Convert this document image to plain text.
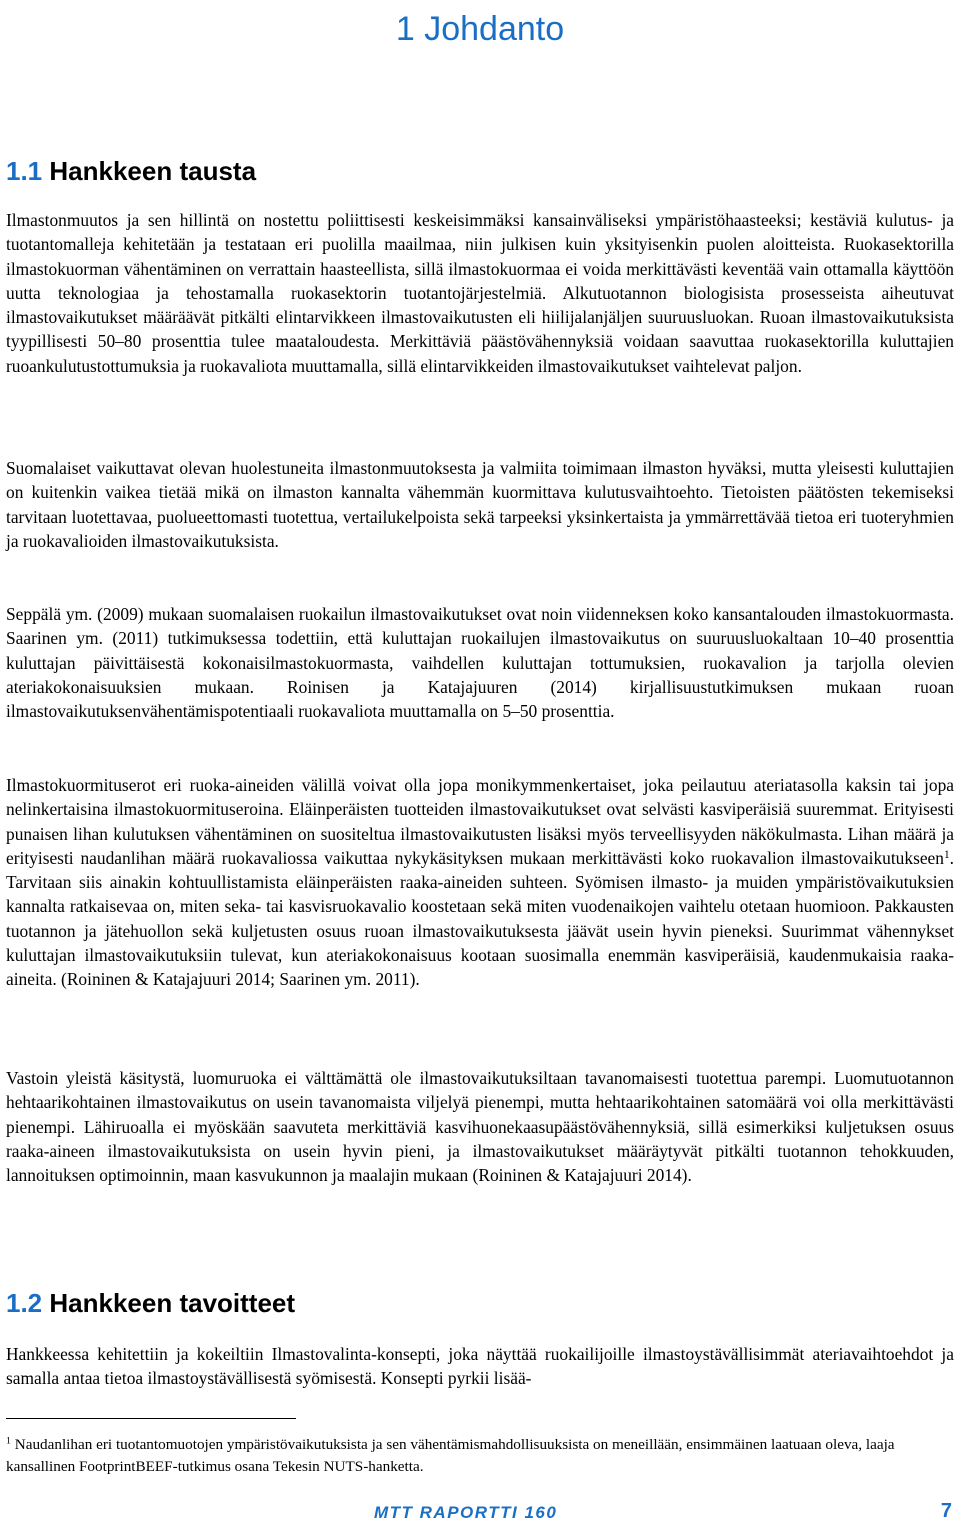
1 Johdanto
1.1 Hankkeen tausta

Ilmastonmuutos ja sen hillintä on nostettu poliittisesti keskeisimmäksi kansainväliseksi ympäristöhaasteeksi; kestäviä kulutus- ja tuotantomalleja kehitetään ja testataan eri puolilla maailmaa, niin julkisen kuin yksityisenkin puolen aloitteista. Ruokasektorilla ilmastokuorman vähentäminen on verrattain haasteellista, sillä ilmastokuormaa ei voida merkittävästi keventää vain ottamalla käyttöön uutta teknologiaa ja tehostamalla ruokasektorin tuotantojärjestelmiä. Alkutuotannon biologisista prosesseista aiheutuvat ilmastovaikutukset määräävät pitkälti elintarvikkeen ilmastovaikutusten eli hiilijalanjäljen suuruusluokan. Ruoan ilmastovaikutuksista tyypillisesti 50–80 prosenttia tulee maataloudesta. Merkittäviä päästövähennyksiä voidaan saavuttaa ruokasektorilla kuluttajien ruoankulutustottumuksia ja ruokavaliota muuttamalla, sillä elintarvikkeiden ilmastovaikutukset vaihtelevat paljon.

Suomalaiset vaikuttavat olevan huolestuneita ilmastonmuutoksesta ja valmiita toimimaan ilmaston hyväksi, mutta yleisesti kuluttajien on kuitenkin vaikea tietää mikä on ilmaston kannalta vähemmän kuormittava kulutusvaihtoehto. Tietoisten päätösten tekemiseksi tarvitaan luotettavaa, puolueettomasti tuotettua, vertailukelpoista sekä tarpeeksi yksinkertaista ja ymmärrettävää tietoa eri tuoteryhmien ja ruokavalioiden ilmastovaikutuksista.

Seppälä ym. (2009) mukaan suomalaisen ruokailun ilmastovaikutukset ovat noin viidenneksen koko kansantalouden ilmastokuormasta. Saarinen ym. (2011) tutkimuksessa todettiin, että kuluttajan ruokailujen ilmastovaikutus on suuruusluokaltaan 10–40 prosenttia kuluttajan päivittäisestä kokonaisilmastokuormasta, vaihdellen kuluttajan tottumuksien, ruokavalion ja tarjolla olevien ateriakokonaisuuksien mukaan. Roinisen ja Katajajuuren (2014) kirjallisuustutkimuksen mukaan ruoan ilmastovaikutuksenvähentämispotentiaali ruokavaliota muuttamalla on 5–50 prosenttia.

Ilmastokuormituserot eri ruoka-aineiden välillä voivat olla jopa monikymmenkertaiset, joka peilautuu ateriatasolla kaksin tai jopa nelinkertaisina ilmastokuormituseroina. Eläinperäisten tuotteiden ilmastovaikutukset ovat selvästi kasviperäisiä suuremmat. Erityisesti punaisen lihan kulutuksen vähentäminen on suositeltua ilmastovaikutusten lisäksi myös terveellisyyden näkökulmasta. Lihan määrä ja erityisesti naudanlihan määrä ruokavaliossa vaikuttaa nykykäsityksen mukaan merkittävästi koko ruokavalion ilmastovaikutukseen$^1$. Tarvitaan siis ainakin kohtuullistamista eläinperäisten raaka-aineiden suhteen. Syömisen ilmasto- ja muiden ympäristövaikutuksien kannalta ratkaisevaa on, miten seka- tai kasvisruokavalio koostetaan sekä miten vuodenaikojen vaihtelu otetaan huomioon. Pakkausten tuotannon ja jätehuollon sekä kuljetusten osuus ruoan ilmastovaikutuksesta jäävät usein hyvin pieneksi. Suurimmat vähennykset kuluttajan ilmastovaikutuksiin tulevat, kun ateriakokonaisuus kootaan suosimalla enemmän kasviperäisiä, kaudenmukaisia raaka-aineita. (Roininen & Katajajuuri 2014; Saarinen ym. 2011).

Vastoin yleistä käsitystä, luomuruoka ei välttämättä ole ilmastovaikutuksiltaan tavanomaisesti tuotettua parempi. Luomutuotannon hehtaarikohtainen ilmastovaikutus on usein tavanomaista viljelyä pienempi, mutta hehtaarikohtainen satomäärä voi olla merkittävästi pienempi. Lähiruoalla ei myöskään saavuteta merkittäviä kasvihuonekaasupäästövähennyksiä, sillä esimerkiksi kuljetuksen osuus raaka-aineen ilmastovaikutuksista on usein hyvin pieni, ja ilmastovaikutukset määräytyvät pitkälti tuotannon tehokkuuden, lannoituksen optimoinnin, maan kasvukunnon ja maalajin mukaan (Roininen & Katajajuuri 2014).

1.2 Hankkeen tavoitteet

Hankkeessa kehitettiin ja kokeiltiin Ilmastovalinta-konsepti, joka näyttää ruokailijoille ilmastoystävällisimmät ateriavaihtoehdot ja samalla antaa tietoa ilmastoystävällisestä syömisestä. Konsepti pyrkii lisää-

$^1$ Naudanlihan eri tuotantomuotojen ympäristövaikutuksista ja sen vähentämismahdollisuuksista on meneillään, ensimmäinen laatuaan oleva, laaja kansallinen FootprintBEEF-tutkimus osana Tekesin NUTS-hanketta.

MTT RAPORTTI 160	7
